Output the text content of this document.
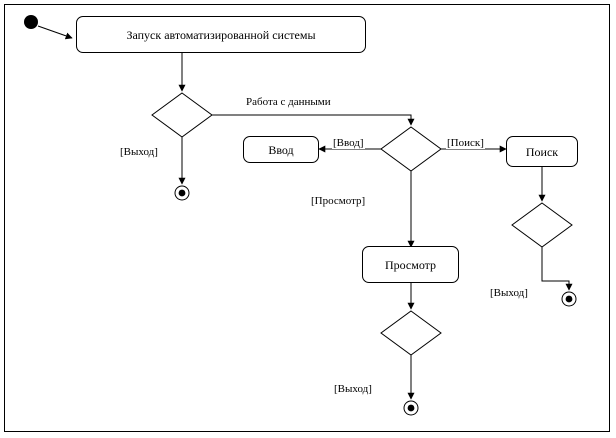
Запуск автоматизированной системы
Ввод	Поиск
Просмотр
[Выход]
Работа с данными
[Ввод]	[Поиск]
[Просмотр]
[Выход]
[Выход]
